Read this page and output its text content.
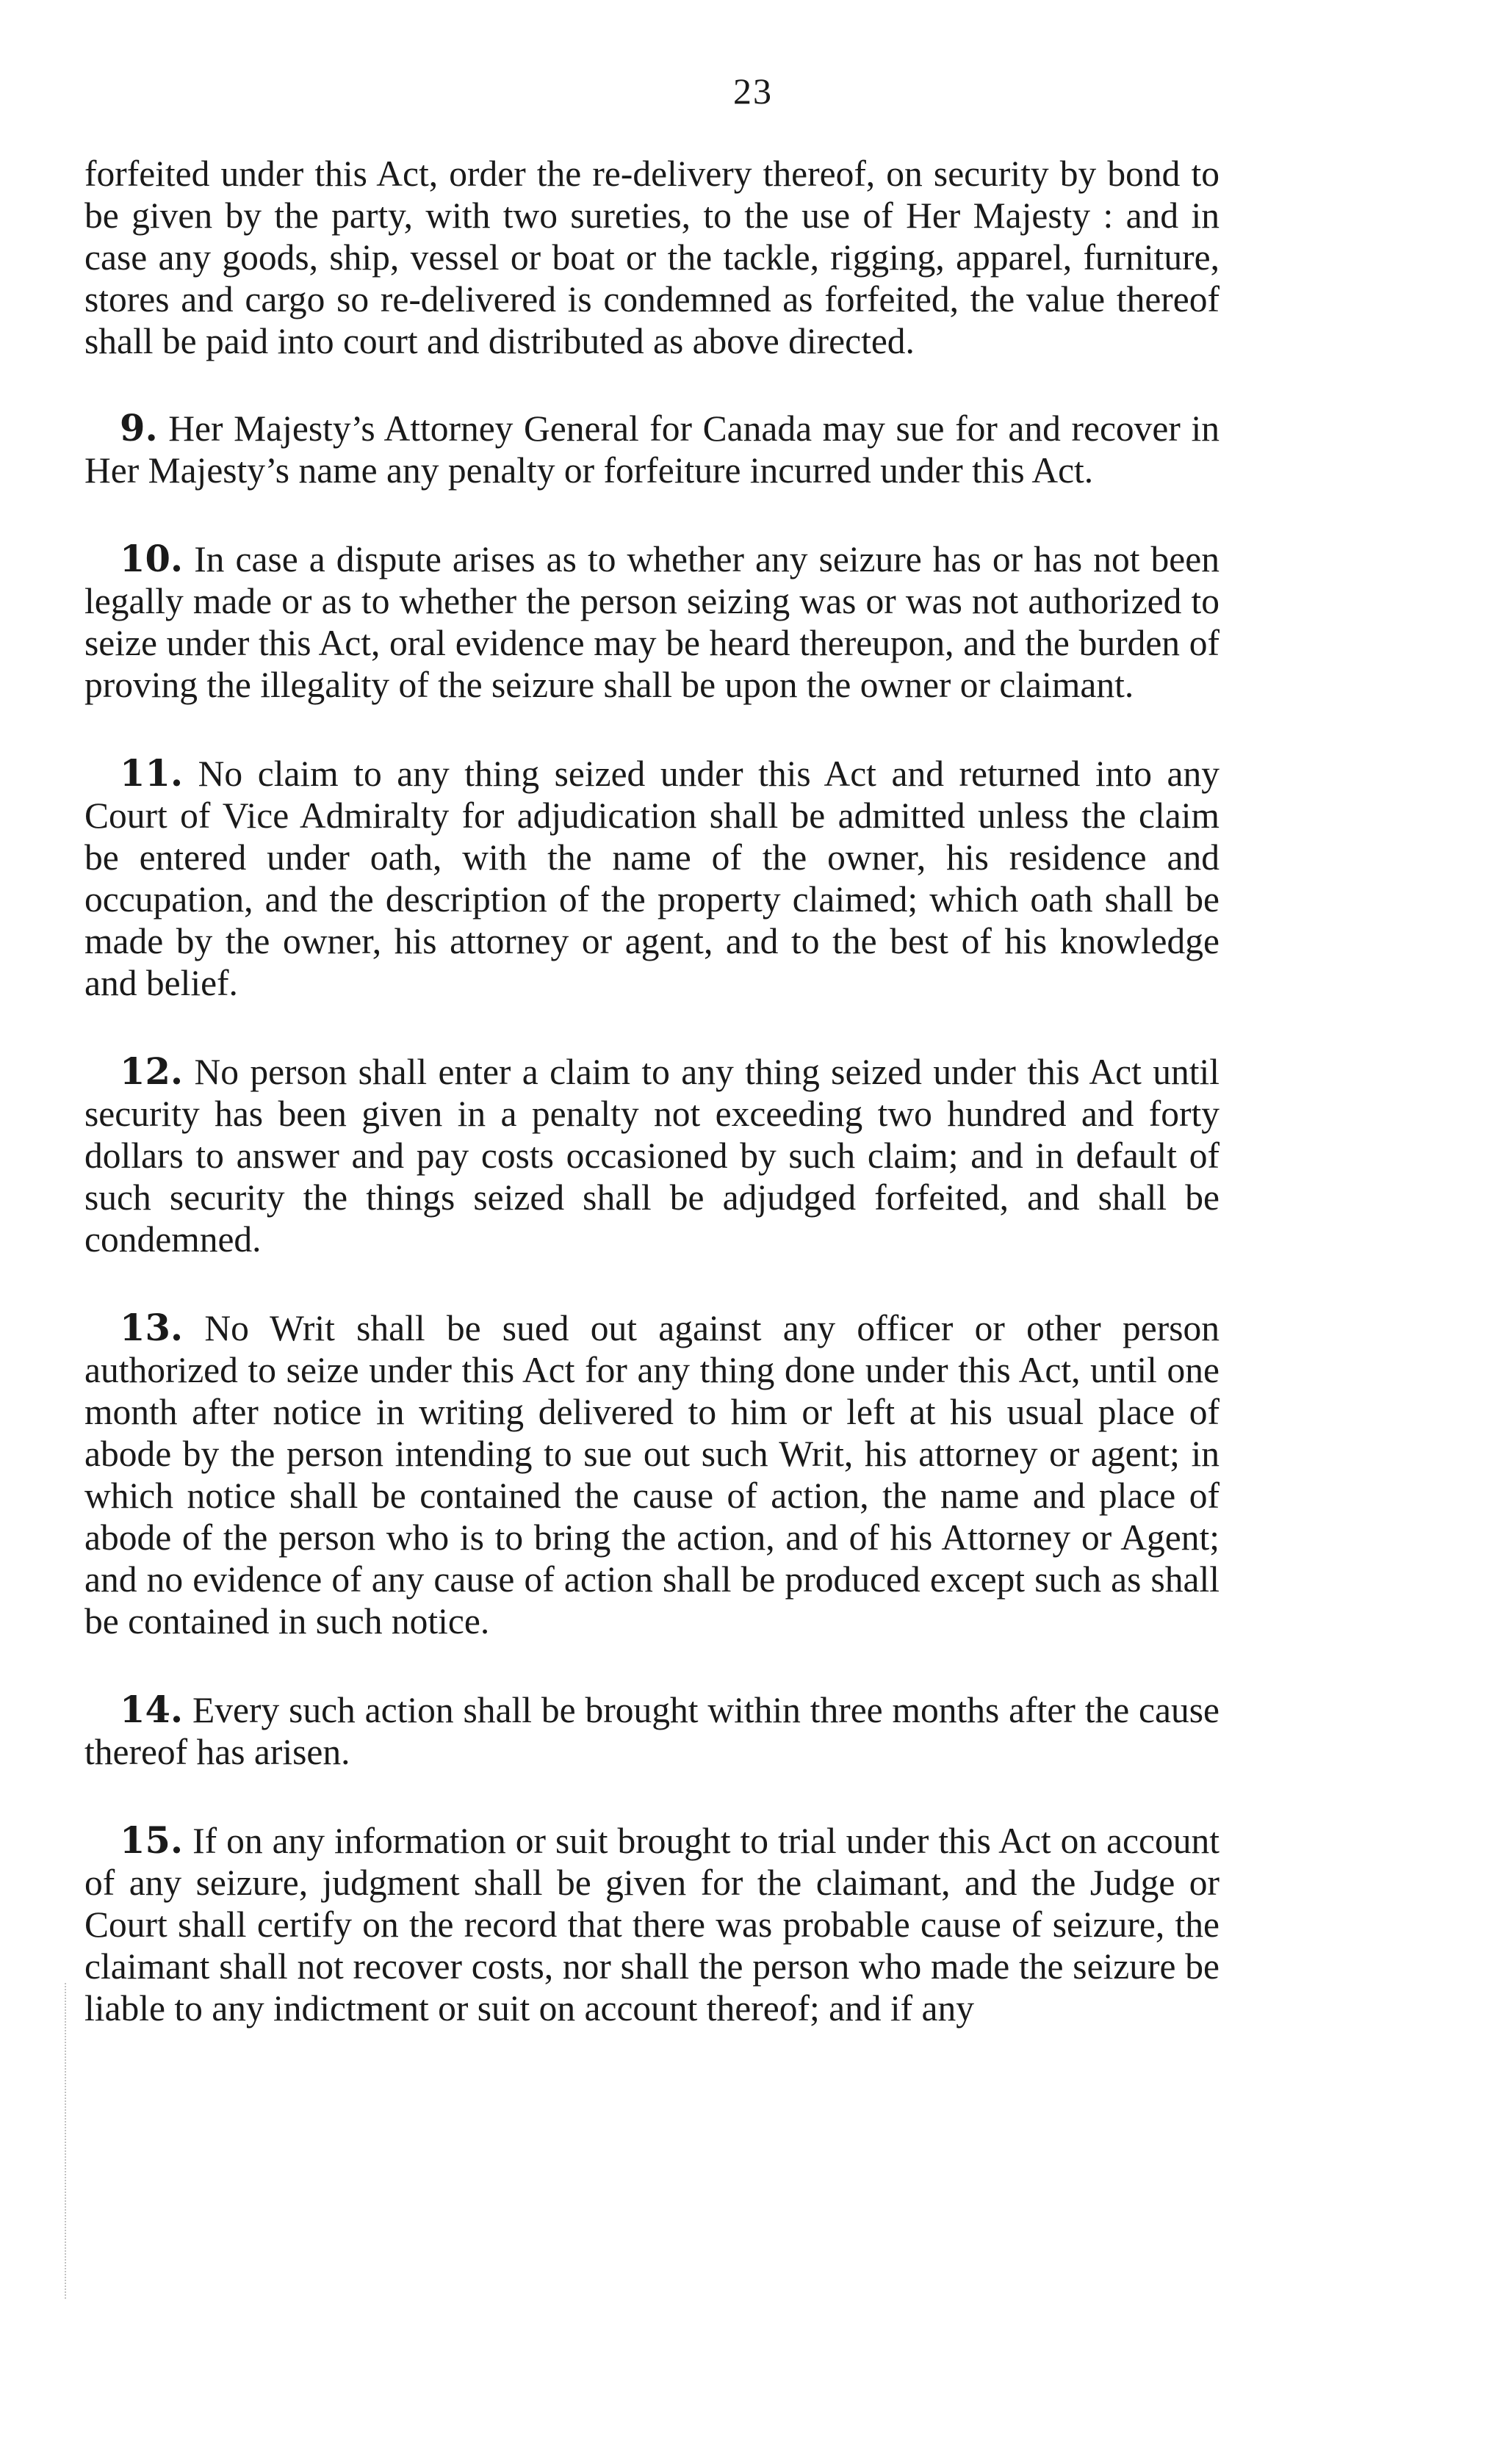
23

forfeited under this Act, order the re-delivery thereof, on security by bond to be given by the party, with two sureties, to the use of Her Majesty : and in case any goods, ship, vessel or boat or the tackle, rigging, apparel, furniture, stores and cargo so re-delivered is condemned as forfeited, the value thereof shall be paid into court and distributed as above directed.

9. Her Majesty’s Attorney General for Canada may sue for and recover in Her Majesty’s name any penalty or forfeiture incurred under this Act.

10. In case a dispute arises as to whether any seizure has or has not been legally made or as to whether the person seizing was or was not authorized to seize under this Act, oral evidence may be heard thereupon, and the burden of proving the illegality of the seizure shall be upon the owner or claimant.

11. No claim to any thing seized under this Act and returned into any Court of Vice Admiralty for adjudication shall be admitted unless the claim be entered under oath, with the name of the owner, his residence and occupation, and the description of the property claimed; which oath shall be made by the owner, his attorney or agent, and to the best of his knowledge and belief.

12. No person shall enter a claim to any thing seized under this Act until security has been given in a penalty not exceeding two hundred and forty dollars to answer and pay costs occasioned by such claim; and in default of such security the things seized shall be adjudged forfeited, and shall be condemned.

13. No Writ shall be sued out against any officer or other person authorized to seize under this Act for any thing done under this Act, until one month after notice in writing delivered to him or left at his usual place of abode by the person intending to sue out such Writ, his attorney or agent; in which notice shall be contained the cause of action, the name and place of abode of the person who is to bring the action, and of his Attorney or Agent; and no evidence of any cause of action shall be produced except such as shall be contained in such notice.

14. Every such action shall be brought within three months after the cause thereof has arisen.

15. If on any information or suit brought to trial under this Act on account of any seizure, judgment shall be given for the claimant, and the Judge or Court shall certify on the record that there was probable cause of seizure, the claimant shall not recover costs, nor shall the person who made the seizure be liable to any indictment or suit on account thereof; and if any
